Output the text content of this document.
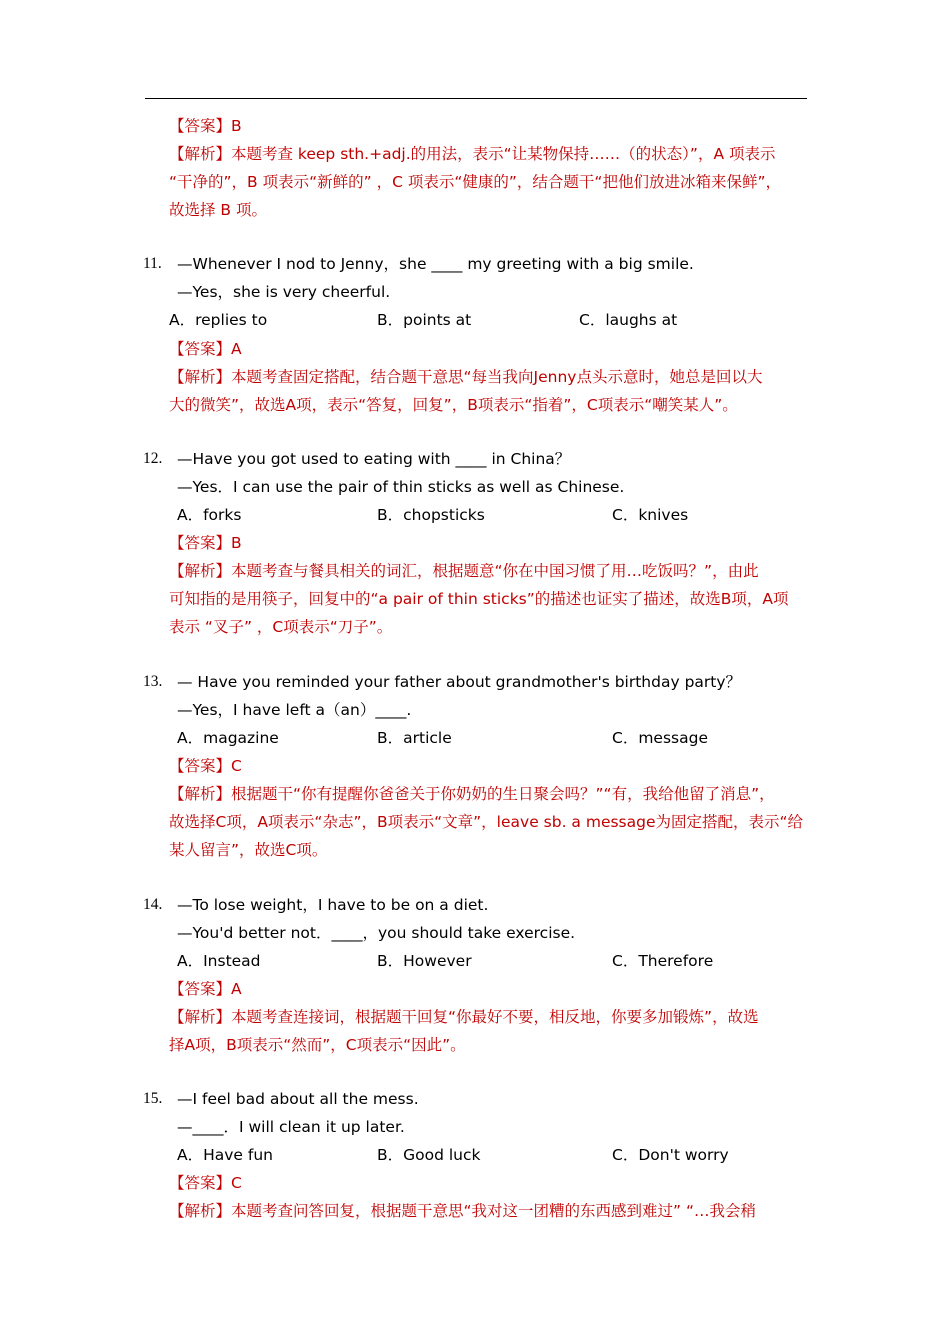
【答案】B
【解析】本题考查 keep sth.+adj.的用法，表示“让某物保持……（的状态）”，A 项表示
“干净的”，B 项表示“新鲜的” ，C 项表示“健康的”，结合题干“把他们放进冰箱来保鲜”，
故选择 B 项。
11. —Whenever I nod to Jenny，she ____ my greeting with a big smile.
—Yes，she is very cheerful.
A．replies to	B．points at	C．laughs at
【答案】A
【解析】本题考查固定搭配，结合题干意思“每当我向Jenny点头示意时，她总是回以大
大的微笑”，故选A项，表示“答复，回复”，B项表示“指着”，C项表示“嘲笑某人”。
12. —Have you got used to eating with ____ in China？
—Yes．I can use the pair of thin sticks as well as Chinese.
A．forks	B．chopsticks	C．knives
【答案】B
【解析】本题考查与餐具相关的词汇，根据题意“你在中国习惯了用…吃饭吗？”，由此
可知指的是用筷子，回复中的“a pair of thin sticks”的描述也证实了描述，故选B项，A项
表示 “叉子” ，C项表示“刀子”。
13. — Have you reminded your father about grandmother's birthday party？
—Yes，I have left a（an）____.
A．magazine	B．article	C．message
【答案】C
【解析】根据题干“你有提醒你爸爸关于你奶奶的生日聚会吗？”“有，我给他留了消息”，
故选择C项，A项表示“杂志”，B项表示“文章”，leave sb. a message为固定搭配，表示“给
某人留言”，故选C项。
14. —To lose weight，I have to be on a diet.
—You'd better not．____，you should take exercise.
A．Instead	B．However	C．Therefore
【答案】A
【解析】本题考查连接词，根据题干回复“你最好不要，相反地，你要多加锻炼”，故选
择A项，B项表示“然而”，C项表示“因此”。
15. —I feel bad about all the mess.
—____．I will clean it up later.
A．Have fun	B．Good luck	C．Don't worry
【答案】C
【解析】本题考查问答回复，根据题干意思“我对这一团糟的东西感到难过” “…我会稍
